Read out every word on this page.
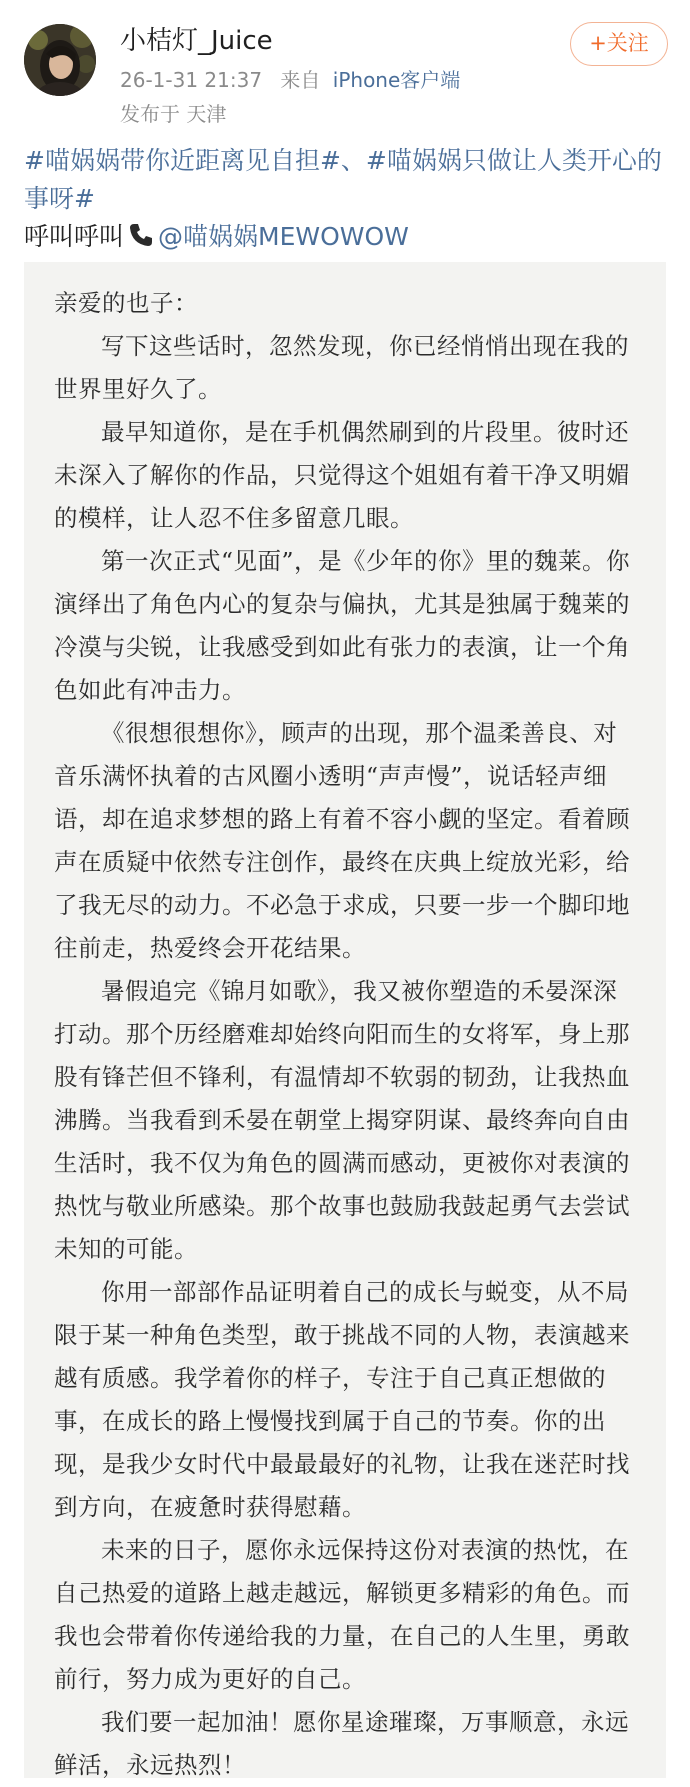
小桔灯_Juice
26-1-31 21:37 来自 iPhone客户端
发布于 天津
+关注
#喵娲娲带你近距离见自担#、#喵娲娲只做让人类开心的事呀#
呼叫呼叫 @喵娲娲MEWOWOW

亲爱的也子：

写下这些话时，忽然发现，你已经悄悄出现在我的世界里好久了。

最早知道你，是在手机偶然刷到的片段里。彼时还未深入了解你的作品，只觉得这个姐姐有着干净又明媚的模样，让人忍不住多留意几眼。

第一次正式“见面”，是《少年的你》里的魏莱。你演绎出了角色内心的复杂与偏执，尤其是独属于魏莱的冷漠与尖锐，让我感受到如此有张力的表演，让一个角色如此有冲击力。

《很想很想你》，顾声的出现，那个温柔善良、对音乐满怀执着的古风圈小透明“声声慢”，说话轻声细语，却在追求梦想的路上有着不容小觑的坚定。看着顾声在质疑中依然专注创作，最终在庆典上绽放光彩，给了我无尽的动力。不必急于求成，只要一步一个脚印地往前走，热爱终会开花结果。

暑假追完《锦月如歌》，我又被你塑造的禾晏深深打动。那个历经磨难却始终向阳而生的女将军，身上那股有锋芒但不锋利，有温情却不软弱的韧劲，让我热血沸腾。当我看到禾晏在朝堂上揭穿阴谋、最终奔向自由生活时，我不仅为角色的圆满而感动，更被你对表演的热忱与敬业所感染。那个故事也鼓励我鼓起勇气去尝试未知的可能。

你用一部部作品证明着自己的成长与蜕变，从不局限于某一种角色类型，敢于挑战不同的人物，表演越来越有质感。我学着你的样子，专注于自己真正想做的事，在成长的路上慢慢找到属于自己的节奏。你的出现，是我少女时代中最最最好的礼物，让我在迷茫时找到方向，在疲惫时获得慰藉。

未来的日子，愿你永远保持这份对表演的热忱，在自己热爱的道路上越走越远，解锁更多精彩的角色。而我也会带着你传递给我的力量，在自己的人生里，勇敢前行，努力成为更好的自己。

我们要一起加油！愿你星途璀璨，万事顺意，永远鲜活，永远热烈！
